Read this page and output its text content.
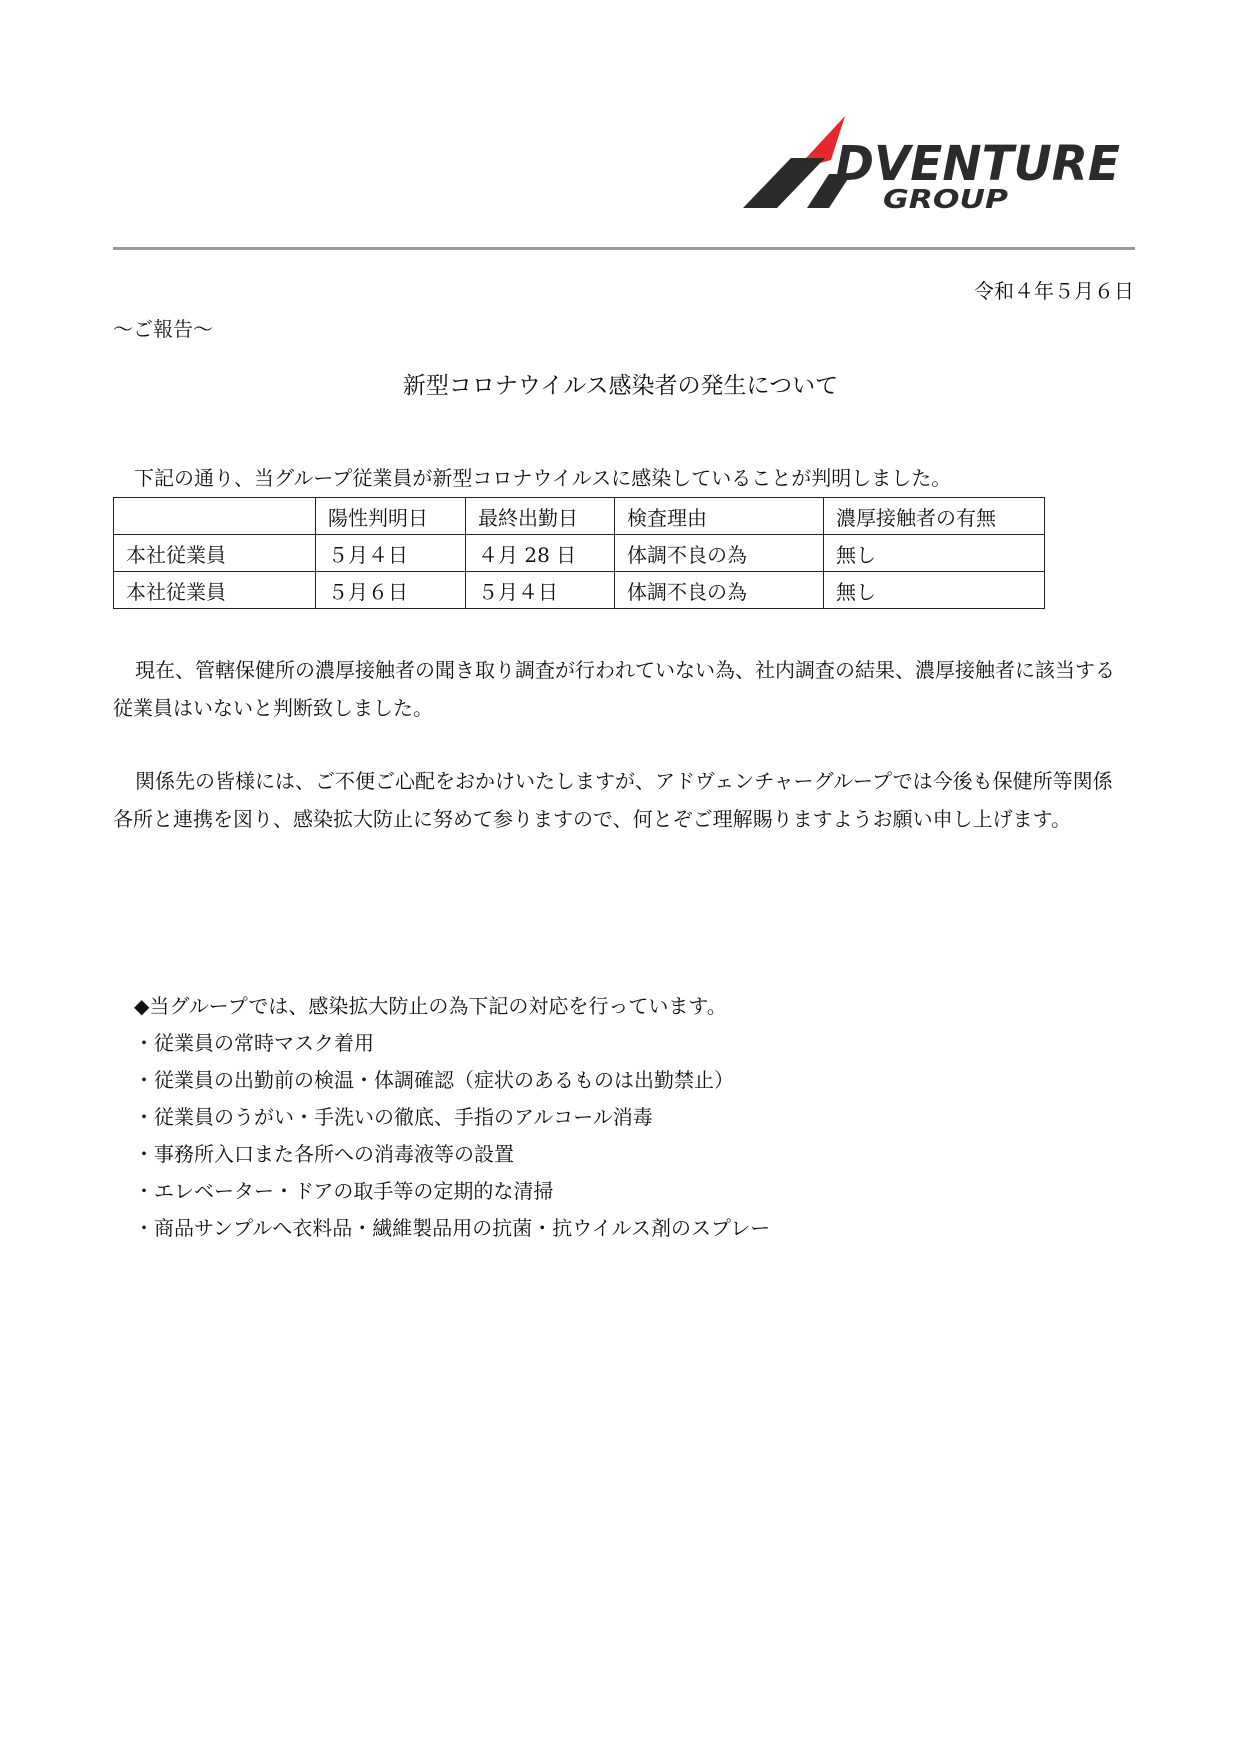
DVENTURE
GROUP
令和４年５月６日
～ご報告～
新型コロナウイルス感染者の発生について
下記の通り、当グループ従業員が新型コロナウイルスに感染していることが判明しました。
	陽性判明日	最終出勤日	検査理由	濃厚接触者の有無
本社従業員	５月４日	４月 28 日	体調不良の為	無し
本社従業員	５月６日	５月４日	体調不良の為	無し

現在、管轄保健所の濃厚接触者の聞き取り調査が行われていない為、社内調査の結果、濃厚接触者に該当する従業員はいないと判断致しました。

関係先の皆様には、ご不便ご心配をおかけいたしますが、アドヴェンチャーグループでは今後も保健所等関係各所と連携を図り、感染拡大防止に努めて参りますので、何とぞご理解賜りますようお願い申し上げます。

◆当グループでは、感染拡大防止の為下記の対応を行っています。
・従業員の常時マスク着用
・従業員の出勤前の検温・体調確認（症状のあるものは出勤禁止）
・従業員のうがい・手洗いの徹底、手指のアルコール消毒
・事務所入口また各所への消毒液等の設置
・エレベーター・ドアの取手等の定期的な清掃
・商品サンプルへ衣料品・繊維製品用の抗菌・抗ウイルス剤のスプレー
